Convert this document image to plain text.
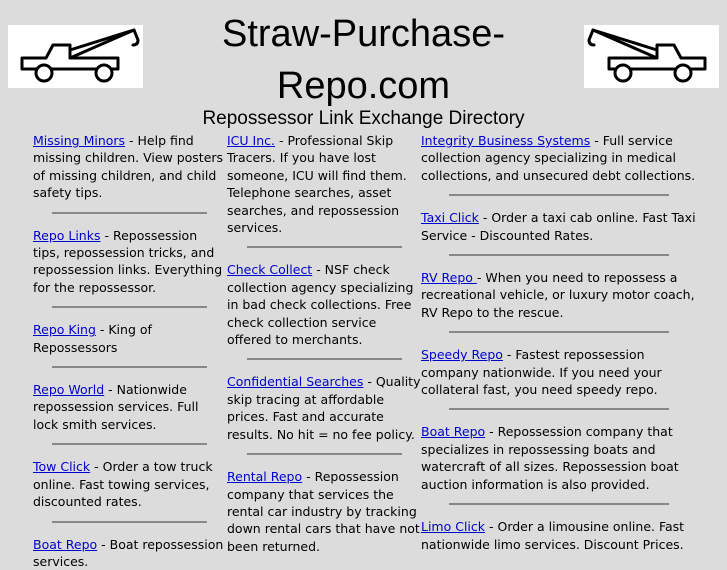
Straw-Purchase-Repo.com
Repossessor Link Exchange Directory

Missing Minors - Help find missing children. View posters of missing children, and child safety tips.

Repo Links - Repossession tips, repossession tricks, and repossession links. Everything for the repossessor.

Repo King - King of Repossessors

Repo World - Nationwide repossession services. Full lock smith services.

Tow Click - Order a tow truck online. Fast towing services, discounted rates.

Boat Repo - Boat repossession services.

ICU Inc. - Professional Skip Tracers. If you have lost someone, ICU will find them. Telephone searches, asset searches, and repossession services.

Check Collect - NSF check collection agency specializing in bad check collections. Free check collection service offered to merchants.

Confidential Searches - Quality skip tracing at affordable prices. Fast and accurate results. No hit = no fee policy.

Rental Repo - Repossession company that services the rental car industry by tracking down rental cars that have not been returned.

Integrity Business Systems - Full service collection agency specializing in medical collections, and unsecured debt collections.

Taxi Click - Order a taxi cab online. Fast Taxi Service - Discounted Rates.

RV Repo - When you need to repossess a recreational vehicle, or luxury motor coach, RV Repo to the rescue.

Speedy Repo - Fastest repossession company nationwide. If you need your collateral fast, you need speedy repo.

Boat Repo - Repossession company that specializes in repossessing boats and watercraft of all sizes. Repossession boat auction information is also provided.

Limo Click - Order a limousine online. Fast nationwide limo services. Discount Prices.
